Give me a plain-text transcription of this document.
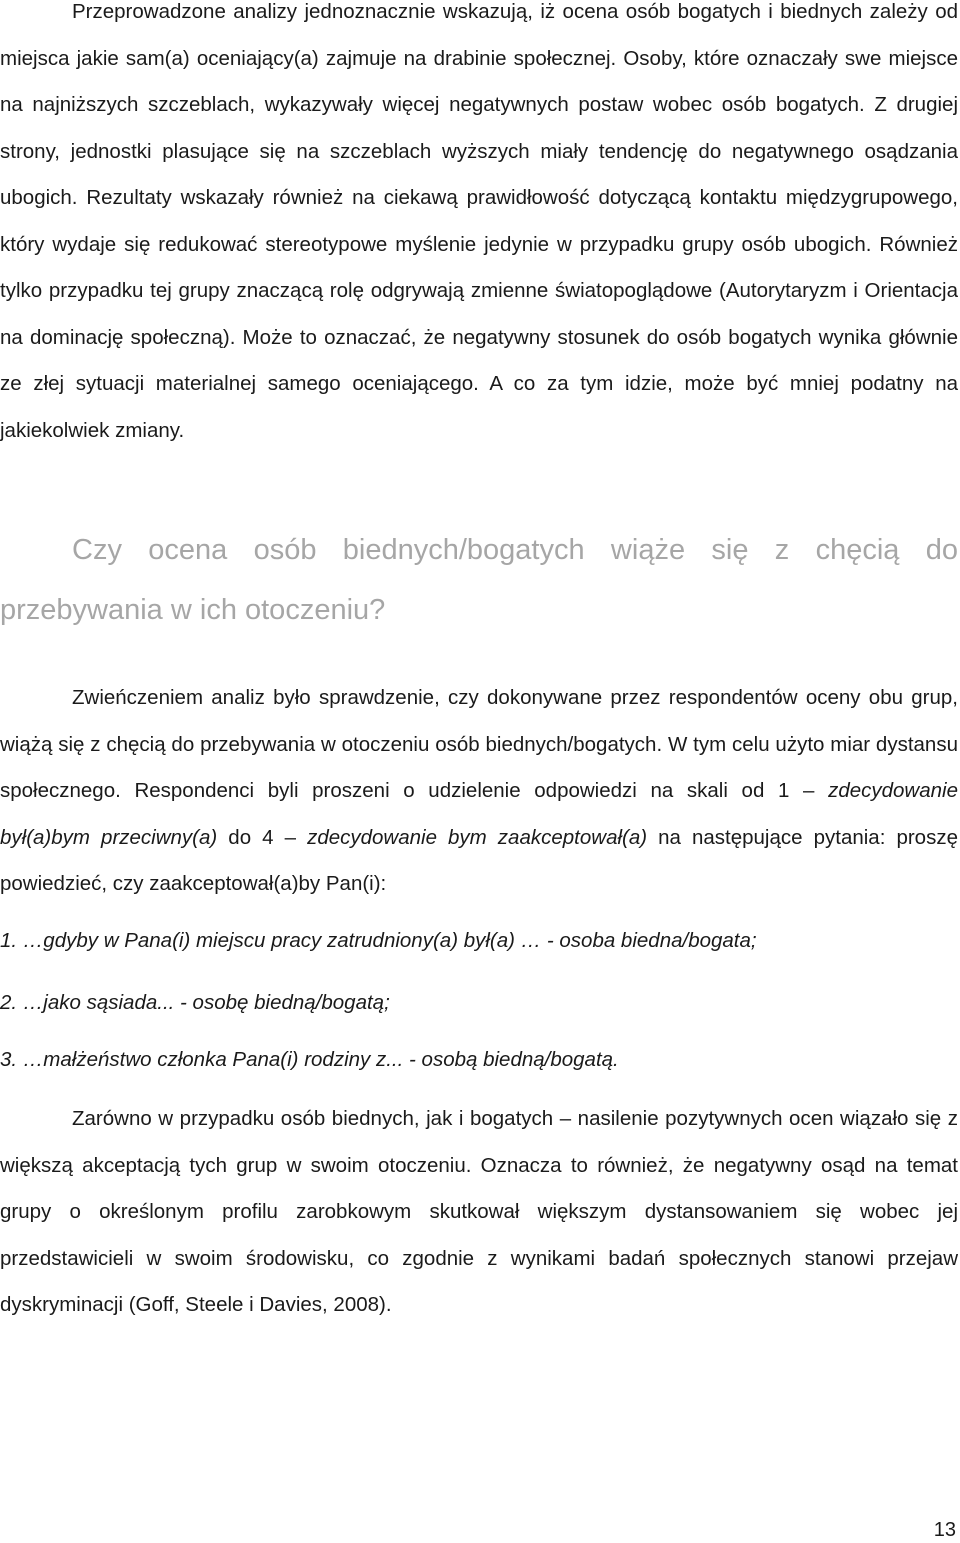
Przeprowadzone analizy jednoznacznie wskazują, iż ocena osób bogatych i biednych zależy od miejsca jakie sam(a) oceniający(a) zajmuje na drabinie społecznej. Osoby, które oznaczały swe miejsce na najniższych szczeblach, wykazywały więcej negatywnych postaw wobec osób bogatych. Z drugiej strony, jednostki plasujące się na szczeblach wyższych miały tendencję do negatywnego osądzania ubogich. Rezultaty wskazały również na ciekawą prawidłowość dotyczącą kontaktu międzygrupowego, który wydaje się redukować stereotypowe myślenie jedynie w przypadku grupy osób ubogich. Również tylko przypadku tej grupy znaczącą rolę odgrywają zmienne światopoglądowe (Autorytaryzm i Orientacja na dominację społeczną). Może to oznaczać, że negatywny stosunek do osób bogatych wynika głównie ze złej sytuacji materialnej samego oceniającego. A co za tym idzie, może być mniej podatny na jakiekolwiek zmiany.

Czy ocena osób biednych/bogatych wiąże się z chęcią do przebywania w ich otoczeniu?

Zwieńczeniem analiz było sprawdzenie, czy dokonywane przez respondentów oceny obu grup, wiążą się z chęcią do przebywania w otoczeniu osób biednych/bogatych. W tym celu użyto miar dystansu społecznego. Respondenci byli proszeni o udzielenie odpowiedzi na skali od 1 – zdecydowanie był(a)bym przeciwny(a) do 4 – zdecydowanie bym zaakceptował(a) na następujące pytania: proszę powiedzieć, czy zaakceptował(a)by Pan(i):

1. …gdyby w Pana(i) miejscu pracy zatrudniony(a) był(a) … - osoba biedna/bogata;

2. …jako sąsiada... - osobę biedną/bogatą;

3. …małżeństwo członka Pana(i) rodziny z... - osobą biedną/bogatą.

Zarówno w przypadku osób biednych, jak i bogatych – nasilenie pozytywnych ocen wiązało się z większą akceptacją tych grup w swoim otoczeniu. Oznacza to również, że negatywny osąd na temat grupy o określonym profilu zarobkowym skutkował większym dystansowaniem się wobec jej przedstawicieli w swoim środowisku, co zgodnie z wynikami badań społecznych stanowi przejaw dyskryminacji (Goff, Steele i Davies, 2008).

13
